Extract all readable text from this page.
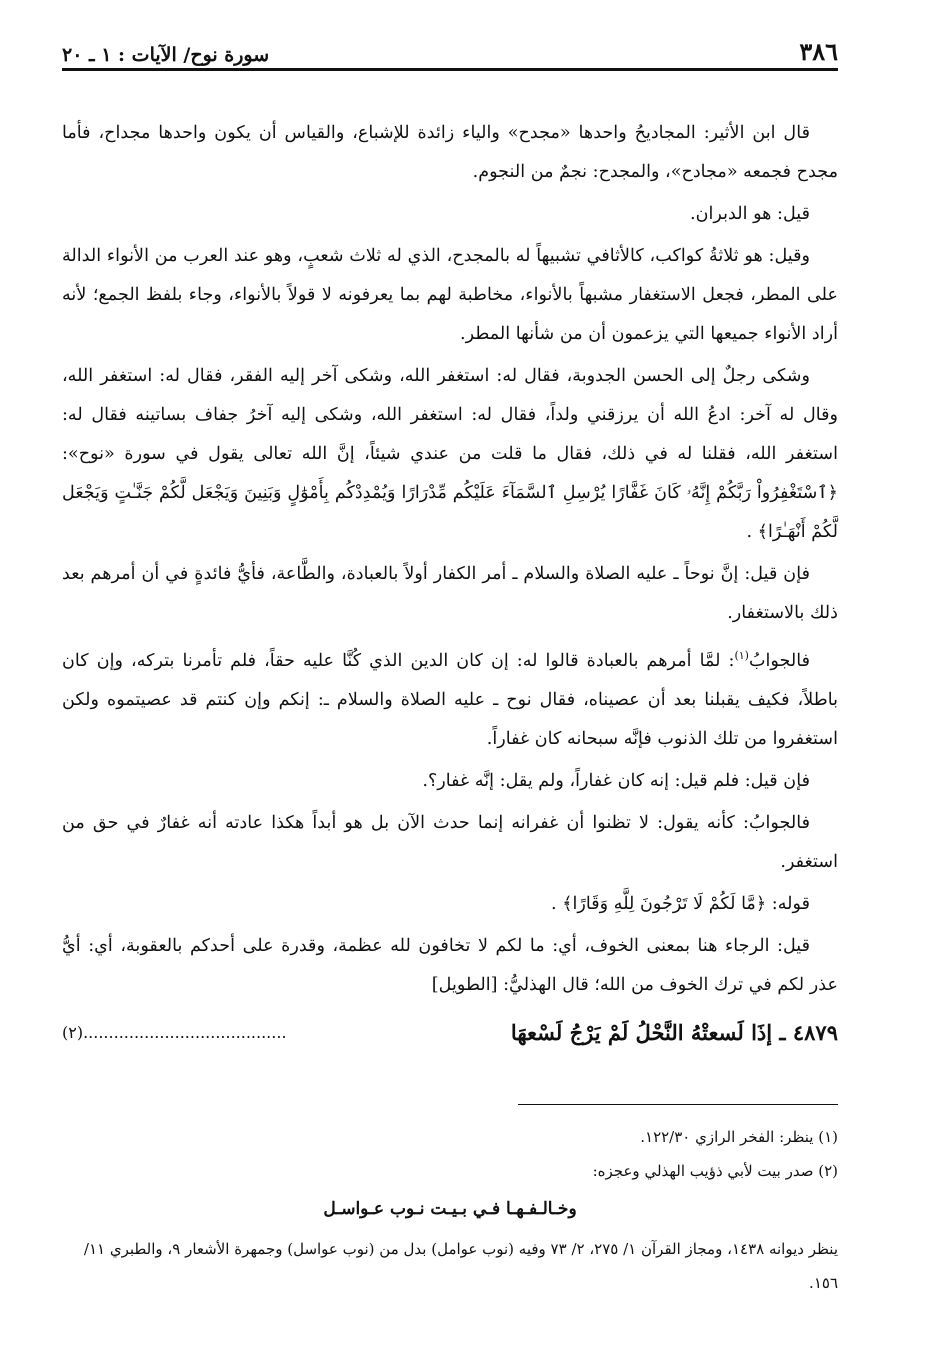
٣٨٦
سورة نوح/ الآيات : ١ ـ ٢٠

قال ابن الأثير: المجاديحُ واحدها «مجدح» والياء زائدة للإشباع، والقياس أن يكون واحدها مجداح، فأما مجدح فجمعه «مجادح»، والمجدح: نجمٌ من النجوم.

قيل: هو الدبران.

وقيل: هو ثلاثةُ كواكب، كالأثافي تشبيهاً له بالمجدح، الذي له ثلاث شعبٍ، وهو عند العرب من الأنواء الدالة على المطر، فجعل الاستغفار مشبهاً بالأنواء، مخاطبة لهم بما يعرفونه لا قولاً بالأنواء، وجاء بلفظ الجمع؛ لأنه أراد الأنواء جميعها التي يزعمون أن من شأنها المطر.

وشكى رجلٌ إلى الحسن الجدوبة، فقال له: استغفر الله، وشكى آخر إليه الفقر، فقال له: استغفر الله، وقال له آخر: ادعُ الله أن يرزقني ولداً، فقال له: استغفر الله، وشكى إليه آخرُ جفاف بساتينه فقال له: استغفر الله، فقلنا له في ذلك، فقال ما قلت من عندي شيئاً، إنَّ الله تعالى يقول في سورة «نوح»: ﴿ٱسْتَغْفِرُواْ رَبَّكُمْ إِنَّهُۥ كَانَ غَفَّارًا يُرْسِلِ ٱلسَّمَآءَ عَلَيْكُم مِّدْرَارًا وَيُمْدِدْكُم بِأَمْوَٰلٍ وَبَنِينَ وَيَجْعَل لَّكُمْ جَنَّـٰتٍ وَيَجْعَل لَّكُمْ أَنْهَـٰرًا﴾ .

فإن قيل: إنَّ نوحاً ـ عليه الصلاة والسلام ـ أمر الكفار أولاً بالعبادة، والطَّاعة، فأيُّ فائدةٍ في أن أمرهم بعد ذلك بالاستغفار.

فالجوابُ$^{(١)}$: لمَّا أمرهم بالعبادة قالوا له: إن كان الدين الذي كُنَّا عليه حقاً، فلم تأمرنا بتركه، وإن كان باطلاً، فكيف يقبلنا بعد أن عصيناه، فقال نوح ـ عليه الصلاة والسلام ـ: إنكم وإن كنتم قد عصيتموه ولكن استغفروا من تلك الذنوب فإنَّه سبحانه كان غفاراً.

فإن قيل: فلم قيل: إنه كان غفاراً، ولم يقل: إنَّه غفار؟.

فالجوابُ: كأنه يقول: لا تظنوا أن غفرانه إنما حدث الآن بل هو أبداً هكذا عادته أنه غفارٌ في حق من استغفر.

قوله: ﴿مَّا لَكُمْ لَا تَرْجُونَ لِلَّهِ وَقَارًا﴾ .

قيل: الرجاء هنا بمعنى الخوف، أي: ما لكم لا تخافون لله عظمة، وقدرة على أحدكم بالعقوبة، أي: أيُّ عذر لكم في ترك الخوف من الله؛ قال الهذليُّ: [الطويل]

٤٨٧٩ ـ إذَا لَسعتْهُ النَّحْلُ لَمْ يَرْجُ لَسْعهَا
(٢)........................................

(١) ينظر: الفخر الرازي ١٢٢/٣٠.

(٢) صدر بيت لأبي ذؤيب الهذلي وعجزه:

وخـالـفـهـا فـي بـيـت نـوب عـواسـل

ينظر ديوانه ١٤٣٨، ومجاز القرآن ١/ ٢٧٥، ٢/ ٧٣ وفيه (نوب عوامل) بدل من (نوب عواسل) وجمهرة الأشعار ٩، والطبري ١١/ ١٥٦.
